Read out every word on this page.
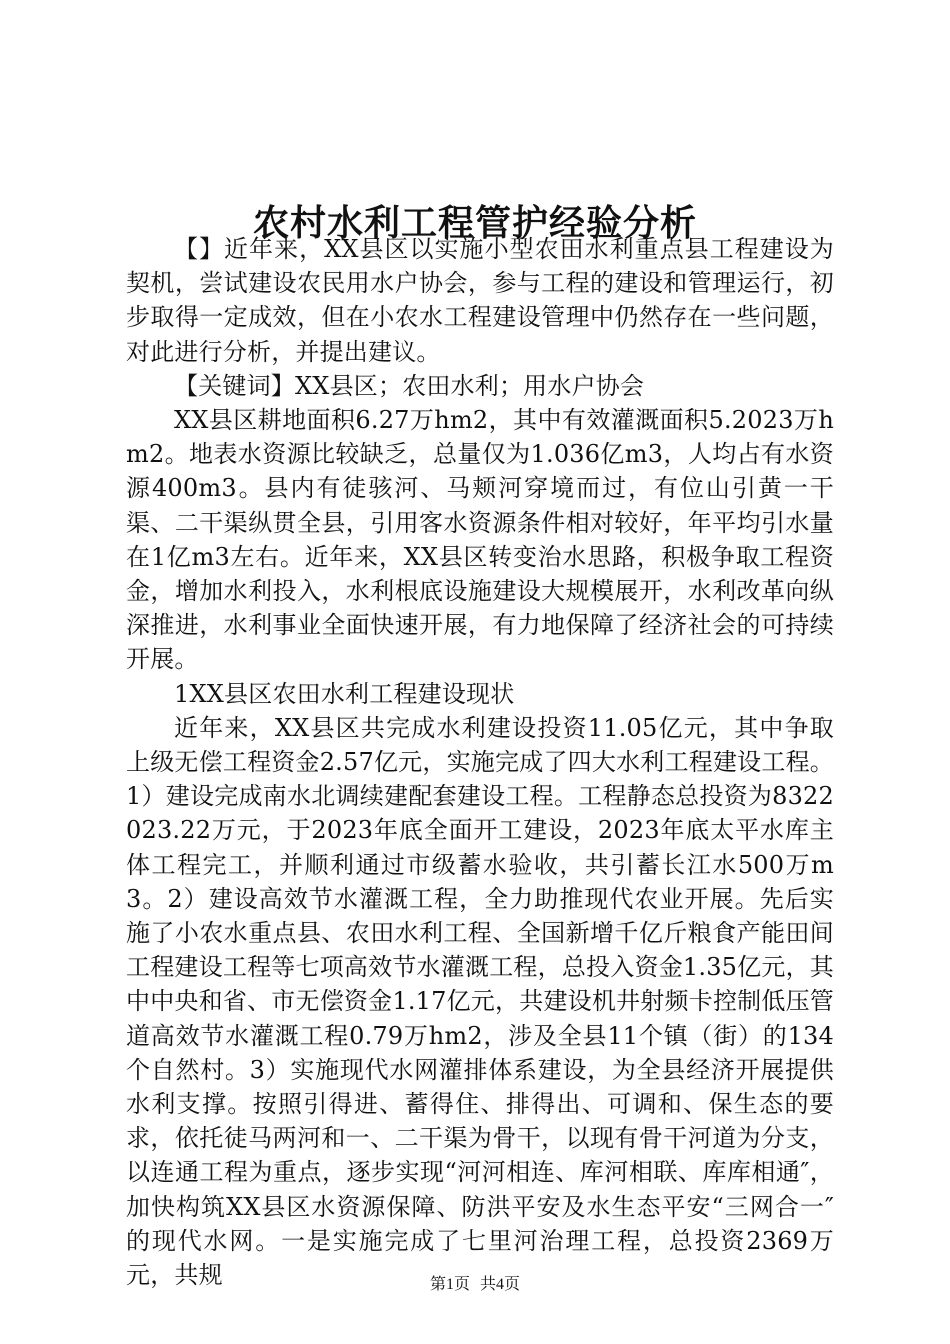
农村水利工程管护经验分析

【】近年来，XX县区以实施小型农田水利重点县工程建设为契机，尝试建设农民用水户协会，参与工程的建设和管理运行，初步取得一定成效，但在小农水工程建设管理中仍然存在一些问题，对此进行分析，并提出建议。

【关键词】XX县区；农田水利；用水户协会

XX县区耕地面积6.27万hm2，其中有效灌溉面积5.2023万hm2。地表水资源比较缺乏，总量仅为1.036亿m3，人均占有水资源400m3。县内有徒骇河、马颊河穿境而过，有位山引黄一干渠、二干渠纵贯全县，引用客水资源条件相对较好，年平均引水量在1亿m3左右。近年来，XX县区转变治水思路，积极争取工程资金，增加水利投入，水利根底设施建设大规模展开，水利改革向纵深推进，水利事业全面快速开展，有力地保障了经济社会的可持续开展。

1XX县区农田水利工程建设现状

近年来，XX县区共完成水利建设投资11.05亿元，其中争取上级无偿工程资金2.57亿元，实施完成了四大水利工程建设工程。1）建设完成南水北调续建配套建设工程。工程静态总投资为8322023.22万元，于2023年底全面开工建设，2023年底太平水库主体工程完工，并顺利通过市级蓄水验收，共引蓄长江水500万m3。2）建设高效节水灌溉工程，全力助推现代农业开展。先后实施了小农水重点县、农田水利工程、全国新增千亿斤粮食产能田间工程建设工程等七项高效节水灌溉工程，总投入资金1.35亿元，其中中央和省、市无偿资金1.17亿元，共建设机井射频卡控制低压管道高效节水灌溉工程0.79万hm2，涉及全县11个镇（街）的134个自然村。3）实施现代水网灌排体系建设，为全县经济开展提供水利支撑。按照引得进、蓄得住、排得出、可调和、保生态的要求，依托徒马两河和一、二干渠为骨干，以现有骨干河道为分支，以连通工程为重点，逐步实现“河河相连、库河相联、库库相通″，加快构筑XX县区水资源保障、防洪平安及水生态平安“三网合一″的现代水网。一是实施完成了七里河治理工程，总投资2369万元，共规	第1页 共4页
